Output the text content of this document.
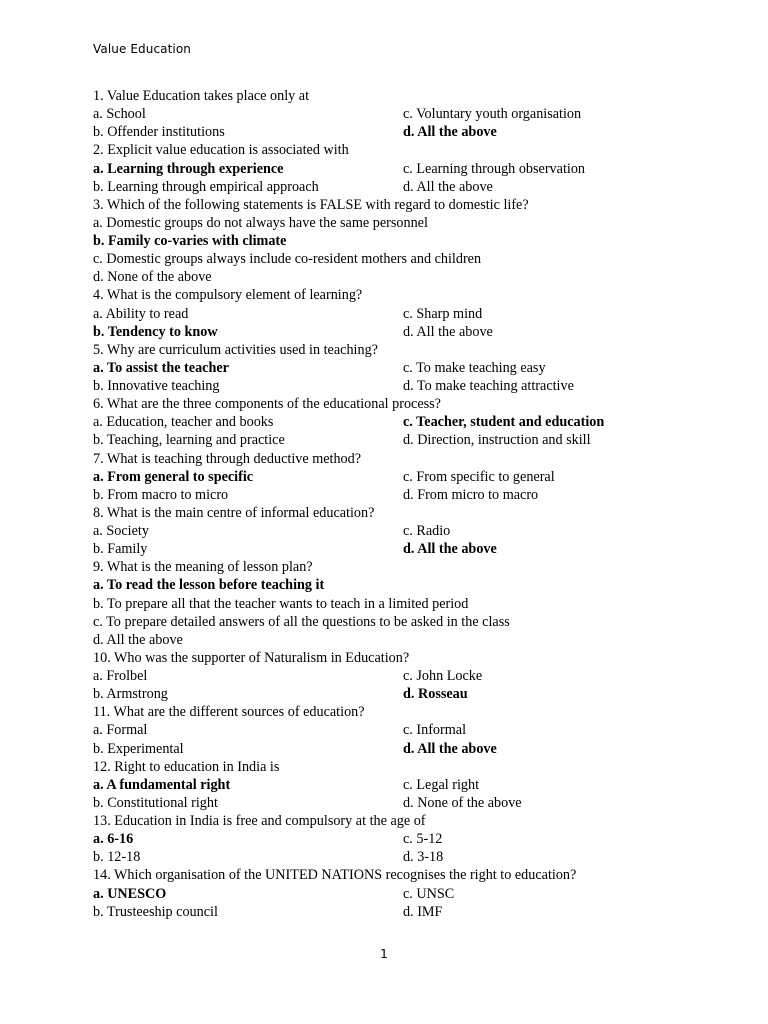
Value Education
1. Value Education takes place only at
a. School	c. Voluntary youth organisation
b. Offender institutions	d. All the above
2. Explicit value education is associated with
a. Learning through experience	c. Learning through observation
b. Learning through empirical approach	d. All the above
3. Which of the following statements is FALSE with regard to domestic life?
a. Domestic groups do not always have the same personnel
b. Family co-varies with climate
c. Domestic groups always include co-resident mothers and children
d. None of the above
4. What is the compulsory element of learning?
a. Ability to read	c. Sharp mind
b. Tendency to know	d. All the above
5. Why are curriculum activities used in teaching?
a. To assist the teacher	c. To make teaching easy
b. Innovative teaching	d. To make teaching attractive
6. What are the three components of the educational process?
a. Education, teacher and books	c. Teacher, student and education
b. Teaching, learning and practice	d. Direction, instruction and skill
7. What is teaching through deductive method?
a. From general to specific	c. From specific to general
b. From macro to micro	d. From micro to macro
8. What is the main centre of informal education?
a. Society	c. Radio
b. Family	d. All the above
9. What is the meaning of lesson plan?
a. To read the lesson before teaching it
b. To prepare all that the teacher wants to teach in a limited period
c. To prepare detailed answers of all the questions to be asked in the class
d. All the above
10. Who was the supporter of Naturalism in Education?
a. Frolbel	c. John Locke
b. Armstrong	d. Rosseau
11. What are the different sources of education?
a. Formal	c. Informal
b. Experimental	d. All the above
12. Right to education in India is
a. A fundamental right	c. Legal right
b. Constitutional right	d. None of the above
13. Education in India is free and compulsory at the age of
a. 6-16	c. 5-12
b. 12-18	d. 3-18
14. Which organisation of the UNITED NATIONS recognises the right to education?
a. UNESCO	c. UNSC
b. Trusteeship council	d. IMF
1
